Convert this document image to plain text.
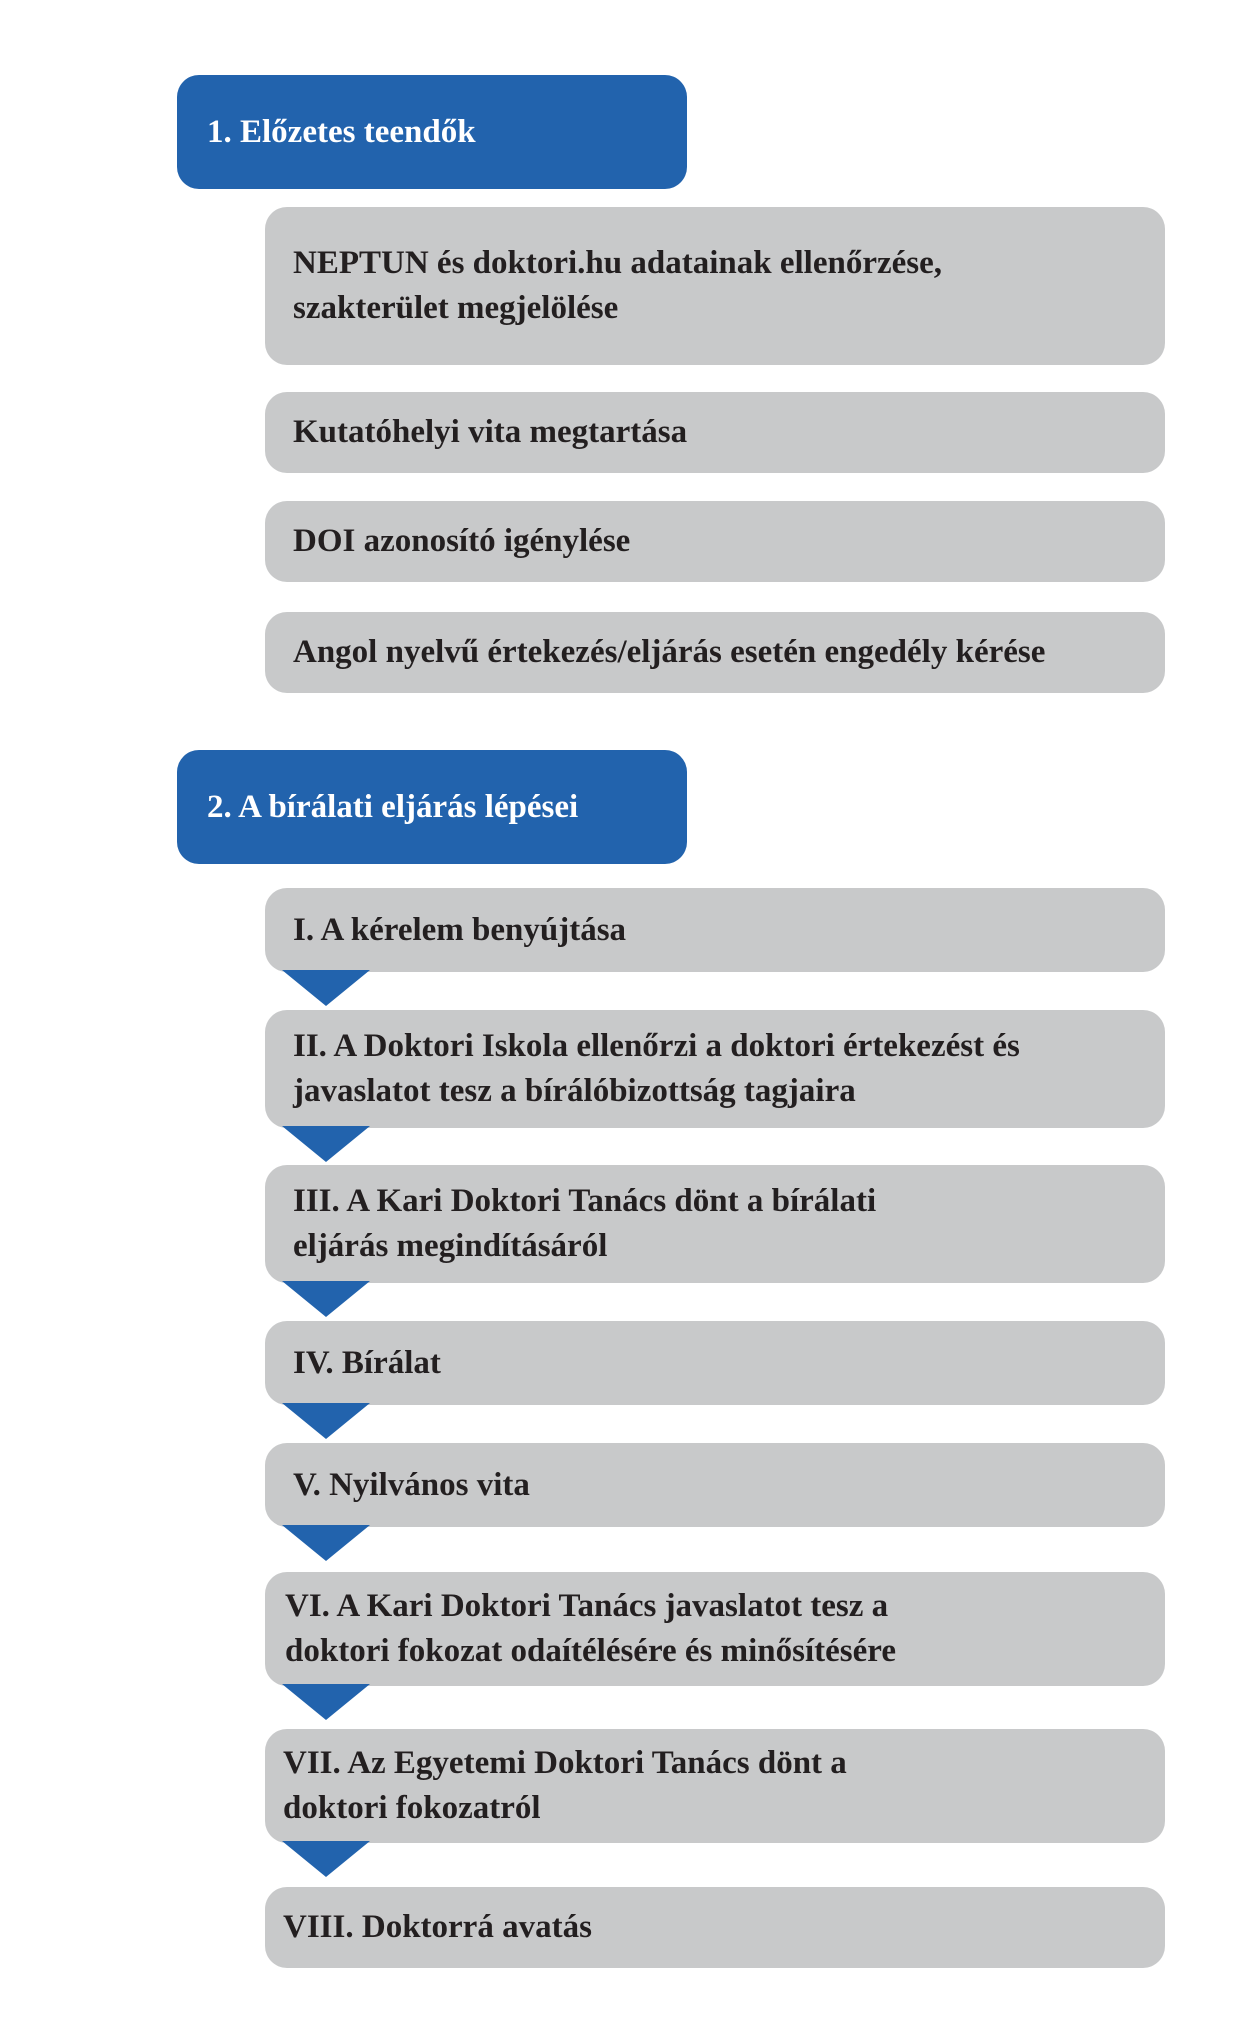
1. Előzetes teendők
NEPTUN és doktori.hu adatainak ellenőrzése,
szakterület megjelölése
Kutatóhelyi vita megtartása
DOI azonosító igénylése
Angol nyelvű értekezés/eljárás esetén engedély kérése
2. A bírálati eljárás lépései
I. A kérelem benyújtása
II. A Doktori Iskola ellenőrzi a doktori értekezést és
javaslatot tesz a bírálóbizottság tagjaira
III. A Kari Doktori Tanács dönt a bírálati
eljárás megindításáról
IV. Bírálat
V. Nyilvános vita
VI. A Kari Doktori Tanács javaslatot tesz a
doktori fokozat odaítélésére és minősítésére
VII. Az Egyetemi Doktori Tanács dönt a
doktori fokozatról
VIII. Doktorrá avatás
